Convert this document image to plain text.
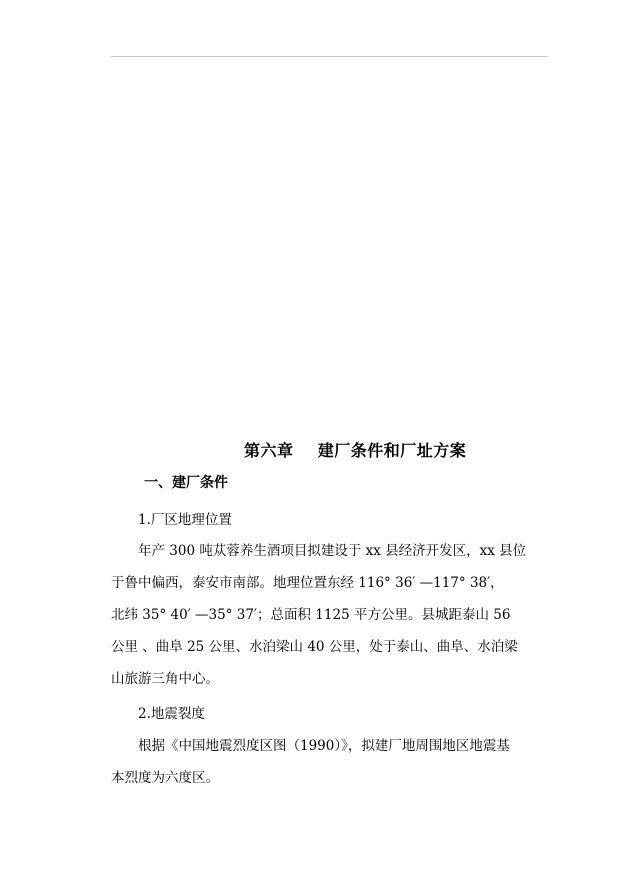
第六章    建厂条件和厂址方案
一、建厂条件
1.厂区地理位置
年产 300 吨苁蓉养生酒项目拟建设于 xx 县经济开发区，xx 县位
于鲁中偏西，泰安市南部。地理位置东经 116° 36′ —117° 38′，
北纬 35° 40′ —35° 37′；总面积 1125 平方公里。县城距泰山 56
公里 、曲阜 25 公里、水泊梁山 40 公里，处于泰山、曲阜、水泊梁
山旅游三角中心。
2.地震裂度
根据《中国地震烈度区图（1990）》，拟建厂地周围地区地震基
本烈度为六度区。
